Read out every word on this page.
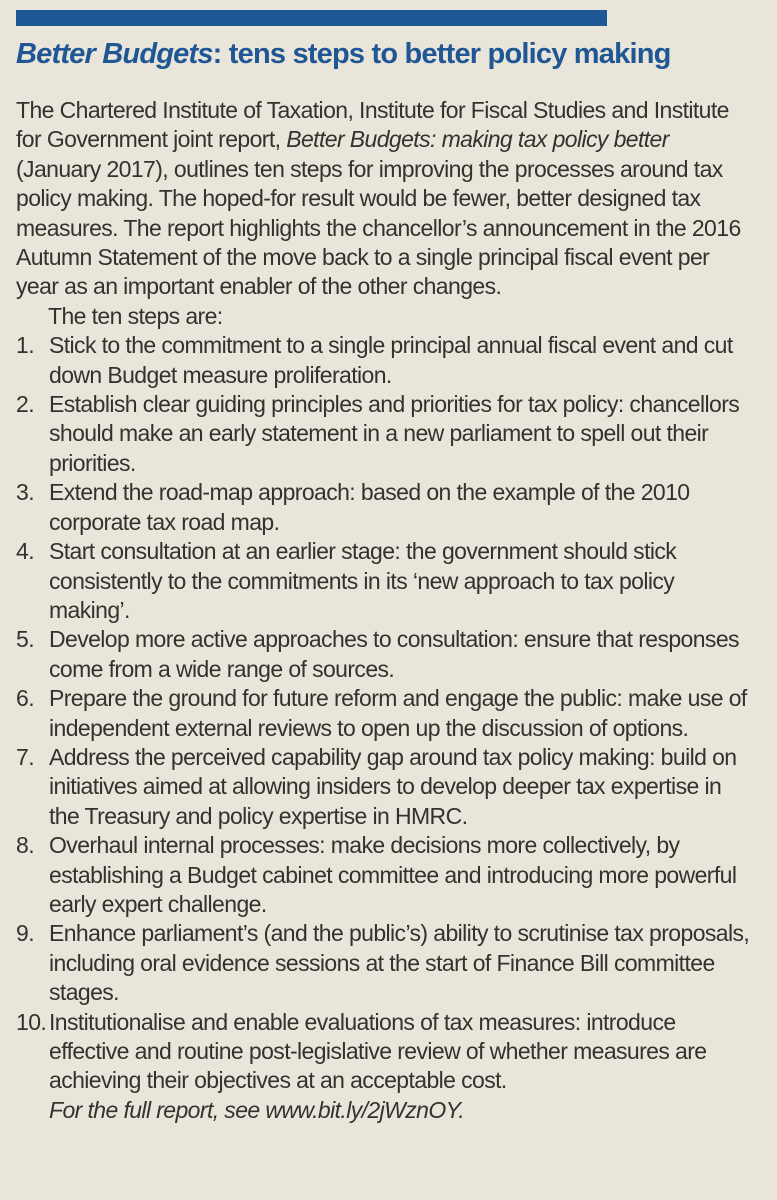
Better Budgets: tens steps to better policy making

The Chartered Institute of Taxation, Institute for Fiscal Studies and Institute for Government joint report, Better Budgets: making tax policy better (January 2017), outlines ten steps for improving the processes around tax policy making. The hoped-for result would be fewer, better designed tax measures. The report highlights the chancellor’s announcement in the 2016 Autumn Statement of the move back to a single principal fiscal event per year as an important enabler of the other changes.

The ten steps are:

1. Stick to the commitment to a single principal annual fiscal event and cut down Budget measure proliferation.
2. Establish clear guiding principles and priorities for tax policy: chancellors should make an early statement in a new parliament to spell out their priorities.
3. Extend the road-map approach: based on the example of the 2010 corporate tax road map.
4. Start consultation at an earlier stage: the government should stick consistently to the commitments in its ‘new approach to tax policy making’.
5. Develop more active approaches to consultation: ensure that responses come from a wide range of sources.
6. Prepare the ground for future reform and engage the public: make use of independent external reviews to open up the discussion of options.
7. Address the perceived capability gap around tax policy making: build on initiatives aimed at allowing insiders to develop deeper tax expertise in the Treasury and policy expertise in HMRC.
8. Overhaul internal processes: make decisions more collectively, by establishing a Budget cabinet committee and introducing more powerful early expert challenge.
9. Enhance parliament’s (and the public’s) ability to scrutinise tax proposals, including oral evidence sessions at the start of Finance Bill committee stages.
10. Institutionalise and enable evaluations of tax measures: introduce effective and routine post-legislative review of whether measures are achieving their objectives at an acceptable cost.
For the full report, see www.bit.ly/2jWznOY.
